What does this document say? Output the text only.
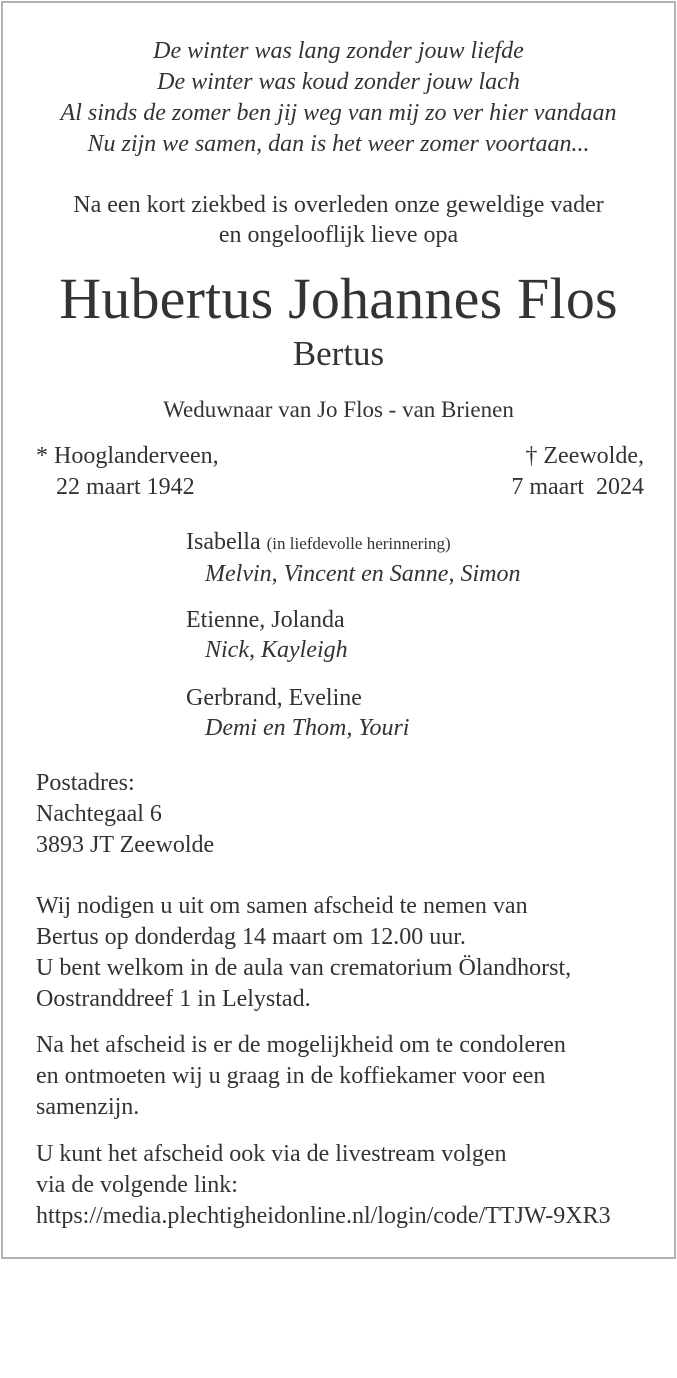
De winter was lang zonder jouw liefde
De winter was koud zonder jouw lach
Al sinds de zomer ben jij weg van mij zo ver hier vandaan
Nu zijn we samen, dan is het weer zomer voortaan...
Na een kort ziekbed is overleden onze geweldige vader
en ongelooflijk lieve opa
Hubertus Johannes Flos
Bertus
Weduwnaar van Jo Flos - van Brienen
* Hooglanderveen,
22 maart 1942
† Zeewolde,
7 maart  2024
Isabella (in liefdevolle herinnering)
Melvin, Vincent en Sanne, Simon
Etienne, Jolanda
Nick, Kayleigh
Gerbrand, Eveline
Demi en Thom, Youri
Postadres:
Nachtegaal 6
3893 JT Zeewolde
Wij nodigen u uit om samen afscheid te nemen van
Bertus op donderdag 14 maart om 12.00 uur.
U bent welkom in de aula van crematorium Ölandhorst,
Oostranddreef 1 in Lelystad.
Na het afscheid is er de mogelijkheid om te condoleren
en ontmoeten wij u graag in de koffiekamer voor een
samenzijn.
U kunt het afscheid ook via de livestream volgen
via de volgende link:
https://media.plechtigheidonline.nl/login/code/TTJW-9XR3
